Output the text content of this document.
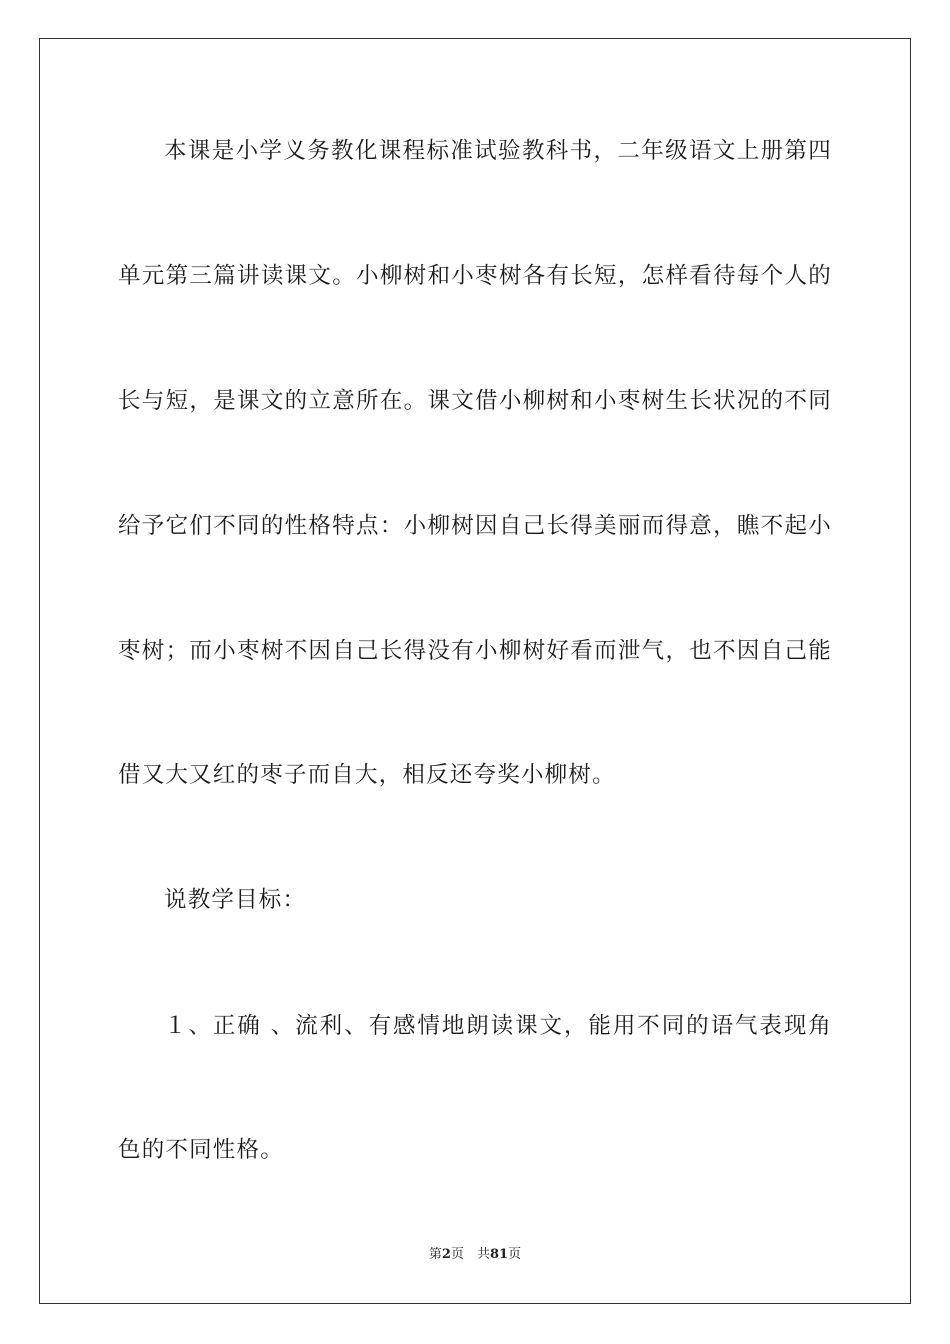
本课是小学义务教化课程标准试验教科书，二年级语文上册第四
单元第三篇讲读课文。小柳树和小枣树各有长短，怎样看待每个人的
长与短，是课文的立意所在。课文借小柳树和小枣树生长状况的不同
给予它们不同的性格特点：小柳树因自己长得美丽而得意，瞧不起小
枣树；而小枣树不因自己长得没有小柳树好看而泄气，也不因自己能
借又大又红的枣子而自大，相反还夸奖小柳树。
说教学目标：
１、正确 、流利、有感情地朗读课文，能用不同的语气表现角
色的不同性格。
第2页　共81页
